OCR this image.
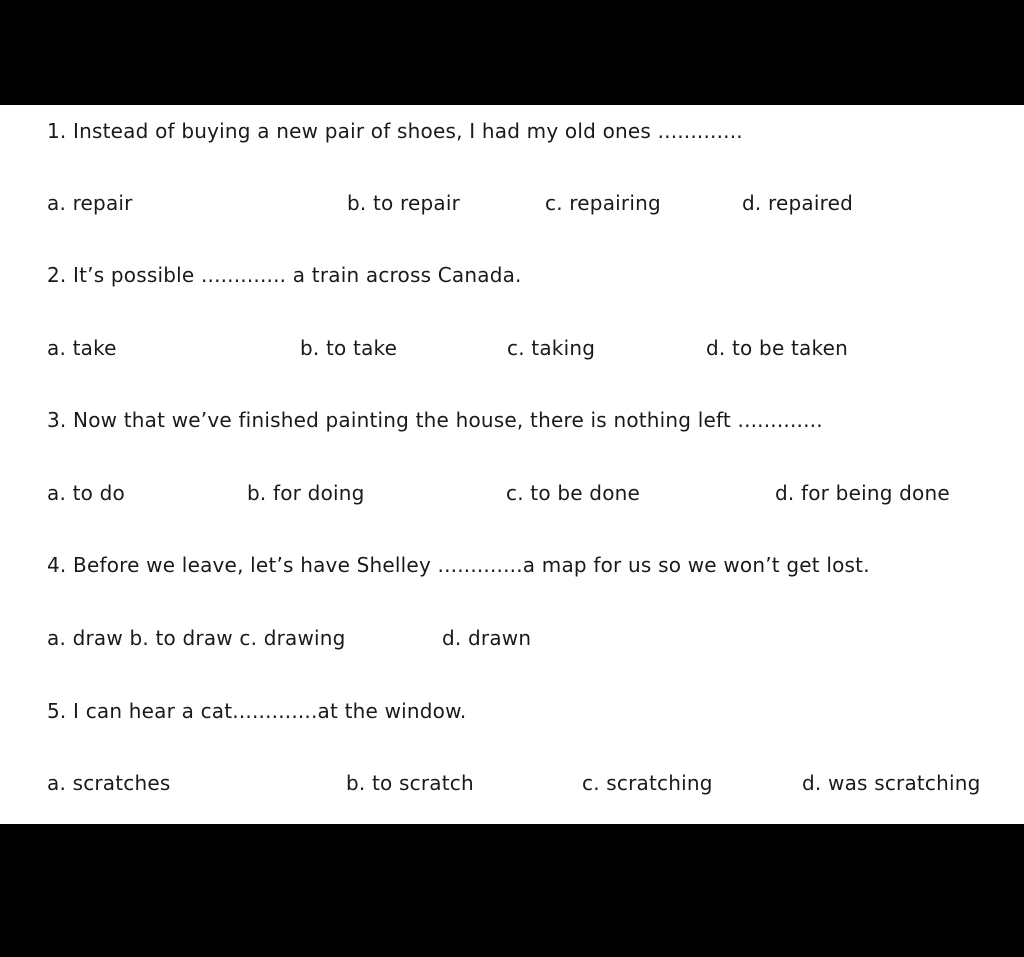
1. Instead of buying a new pair of shoes, I had my old ones .............
a. repair	b. to repair	c. repairing	d. repaired
2. It’s possible ............. a train across Canada.
a. take	b. to take	c. taking	d. to be taken
3. Now that we’ve finished painting the house, there is nothing left .............
a. to do	b. for doing	c. to be done	d. for being done
4. Before we leave, let’s have Shelley .............a map for us so we won’t get lost.
a. draw b. to draw c. drawing	d. drawn
5. I can hear a cat.............at the window.
a. scratches	b. to scratch	c. scratching	d. was scratching
